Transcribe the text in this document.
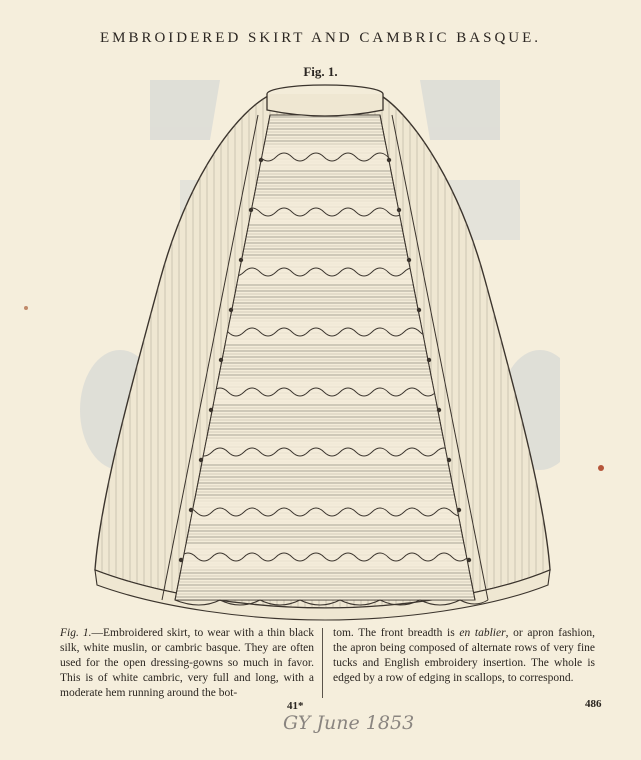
EMBROIDERED SKIRT AND CAMBRIC BASQUE.
Fig. 1.
Fig. 1.—Embroidered skirt, to wear with a thin black silk, white muslin, or cambric basque. They are often used for the open dressing-gowns so much in favor. This is of white cambric, very full and long, with a moderate hem running around the bot-
tom. The front breadth is en tablier, or apron fashion, the apron being composed of alternate rows of very fine tucks and English embroidery insertion. The whole is edged by a row of edging in scallops, to correspond.
41*	486
GY June 1853
